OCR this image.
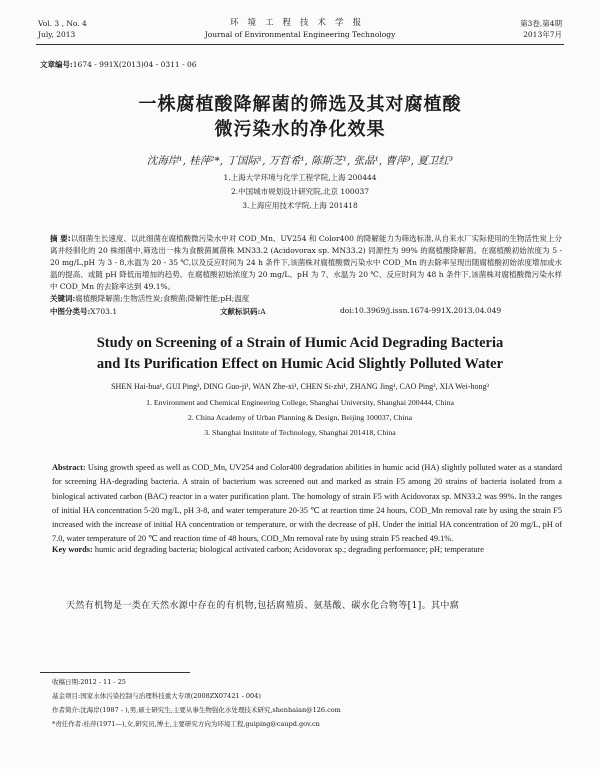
Vol. 3 , No. 4
July, 2013
环境工程技术学报
Journal of Environmental Engineering Technology
第3卷,第4期
2013年7月
文章编号:1674 - 991X(2013)04 - 0311 - 06
一株腐植酸降解菌的筛选及其对腐植酸
微污染水的净化效果
沈海岸¹, 桂萍²*, 丁国际¹, 万哲希¹, 陈斯芝¹, 张晶¹, 曹萍³, 夏卫红³
1.上海大学环境与化学工程学院,上海 200444
2.中国城市规划设计研究院,北京 100037
3.上海应用技术学院,上海 201418
摘 要:以细菌生长速度、以此细菌在腐植酸微污染水中对 COD_Mn、UV254 和 Color400 的降解能力为筛选标准,从自来水厂实际使用的生物活性炭上分离并经驯化的 20 株细菌中,筛选出一株为食酸菌属菌株 MN33.2 (Acidovorax sp. MN33.2) 同源性为 99% 的腐植酸降解菌。在腐植酸初始浓度为 5 - 20 mg/L,pH 为 3 - 8,水温为 20 - 35 ℃,以及反应时间为 24 h 条件下,该菌株对腐植酸微污染水中 COD_Mn 的去除率呈现出随腐植酸初始浓度增加或水温的提高、或随 pH 降低而增加的趋势。在腐植酸初始浓度为 20 mg/L、pH 为 7、水温为 20 ℃、反应时间为 48 h 条件下,该菌株对腐植酸微污染水样中 COD_Mn 的去除率达到 49.1%。
关键词:腐植酸降解菌;生物活性炭;食酸菌;降解性能;pH;温度
中图分类号:X703.1	文献标识码:A	doi:10.3969/j.issn.1674-991X.2013.04.049
Study on Screening of a Strain of Humic Acid Degrading Bacteria
and Its Purification Effect on Humic Acid Slightly Polluted Water
SHEN Hai-hua¹, GUI Ping², DING Guo-ji¹, WAN Zhe-xi¹, CHEN Si-zhi¹, ZHANG Jing¹, CAO Ping³, XIA Wei-hong³
1. Environment and Chemical Engineering College, Shanghai University, Shanghai 200444, China
2. China Academy of Urban Planning & Design, Beijing 100037, China
3. Shanghai Institute of Technology, Shanghai 201418, China
Abstract: Using growth speed as well as COD_Mn, UV254 and Color400 degradation abilities in humic acid (HA) slightly polluted water as a standard for screening HA-degrading bacteria. A strain of bacterium was screened out and marked as strain F5 among 20 strains of bacteria isolated from a biological activated carbon (BAC) reactor in a water purification plant. The homology of strain F5 with Acidovorax sp. MN33.2 was 99%. In the ranges of initial HA concentration 5-20 mg/L, pH 3-8, and water temperature 20-35 ℃ at reaction time 24 hours, COD_Mn removal rate by using the strain F5 increased with the increase of initial HA concentration or temperature, or with the decrease of pH. Under the initial HA concentration of 20 mg/L, pH of 7.0, water temperature of 20 ℃ and reaction time of 48 hours, COD_Mn removal rate by using strain F5 reached 49.1%.
Key words: humic acid degrading bacteria; biological activated carbon; Acidovorax sp.; degrading performance; pH; temperature
天然有机物是一类在天然水源中存在的有机物,包括腐殖质、氨基酸、碳水化合物等[1]。其中腐
收稿日期:2012 - 11 - 25
基金项目:国家水体污染控制与治理科技重大专项(2008ZX07421 - 004)
作者简介:沈海岸(1987 - ),男,硕士研究生,主要从事生物强化水处理技术研究,shenhaian@126.com
*责任作者:桂萍(1971—),女,研究员,博士,主要研究方向为环境工程,guiping@caupd.gov.cn
